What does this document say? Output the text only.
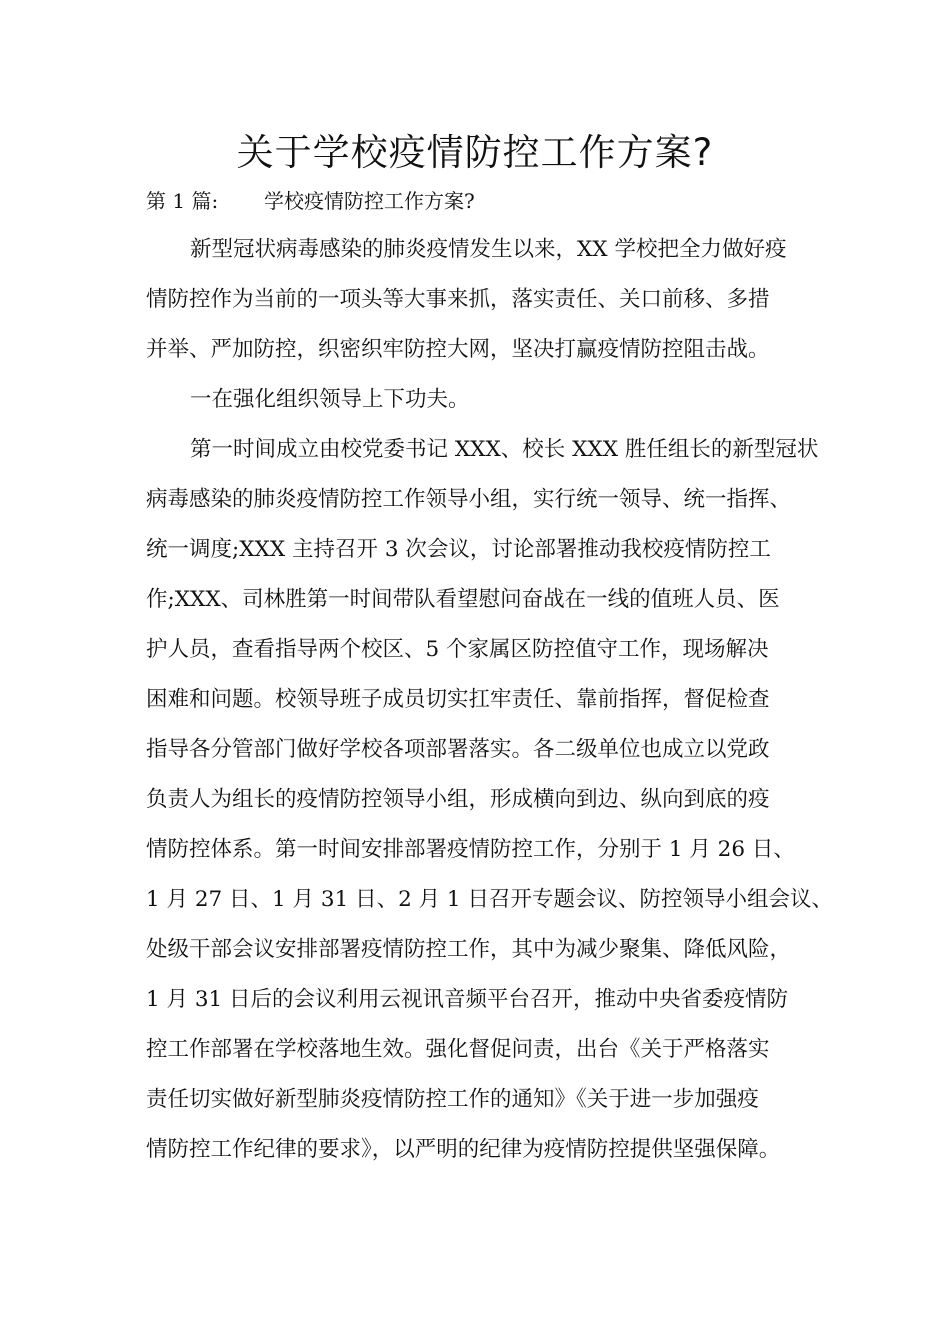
关于学校疫情防控工作方案?
第 1 篇: 学校疫情防控工作方案?
新型冠状病毒感染的肺炎疫情发生以来，XX 学校把全力做好疫
情防控作为当前的一项头等大事来抓，落实责任、关口前移、多措
并举、严加防控，织密织牢防控大网，坚决打赢疫情防控阻击战。
一在强化组织领导上下功夫。
第一时间成立由校党委书记 XXX、校长 XXX 胜任组长的新型冠状
病毒感染的肺炎疫情防控工作领导小组，实行统一领导、统一指挥、
统一调度;XXX 主持召开 3 次会议，讨论部署推动我校疫情防控工
作;XXX、司林胜第一时间带队看望慰问奋战在一线的值班人员、医
护人员，查看指导两个校区、5 个家属区防控值守工作，现场解决
困难和问题。校领导班子成员切实扛牢责任、靠前指挥，督促检查
指导各分管部门做好学校各项部署落实。各二级单位也成立以党政
负责人为组长的疫情防控领导小组，形成横向到边、纵向到底的疫
情防控体系。第一时间安排部署疫情防控工作，分别于 1 月 26 日、
1 月 27 日、1 月 31 日、2 月 1 日召开专题会议、防控领导小组会议、
处级干部会议安排部署疫情防控工作，其中为减少聚集、降低风险，
1 月 31 日后的会议利用云视讯音频平台召开，推动中央省委疫情防
控工作部署在学校落地生效。强化督促问责，出台《关于严格落实
责任切实做好新型肺炎疫情防控工作的通知》《关于进一步加强疫
情防控工作纪律的要求》，以严明的纪律为疫情防控提供坚强保障。
